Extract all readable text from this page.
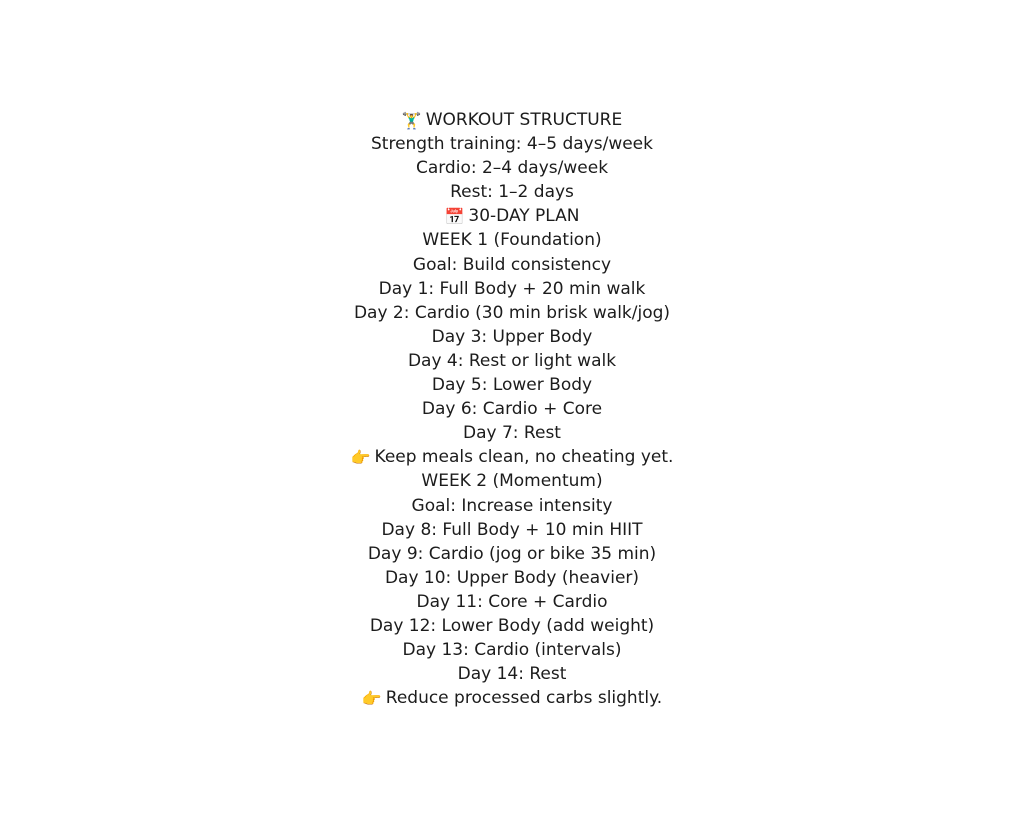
🏋️‍♂️ WORKOUT STRUCTURE
Strength training: 4–5 days/week
Cardio: 2–4 days/week
Rest: 1–2 days
📅 30-DAY PLAN
WEEK 1 (Foundation)
Goal: Build consistency
Day 1: Full Body + 20 min walk
Day 2: Cardio (30 min brisk walk/jog)
Day 3: Upper Body
Day 4: Rest or light walk
Day 5: Lower Body
Day 6: Cardio + Core
Day 7: Rest
👉 Keep meals clean, no cheating yet.
WEEK 2 (Momentum)
Goal: Increase intensity
Day 8: Full Body + 10 min HIIT
Day 9: Cardio (jog or bike 35 min)
Day 10: Upper Body (heavier)
Day 11: Core + Cardio
Day 12: Lower Body (add weight)
Day 13: Cardio (intervals)
Day 14: Rest
👉 Reduce processed carbs slightly.
